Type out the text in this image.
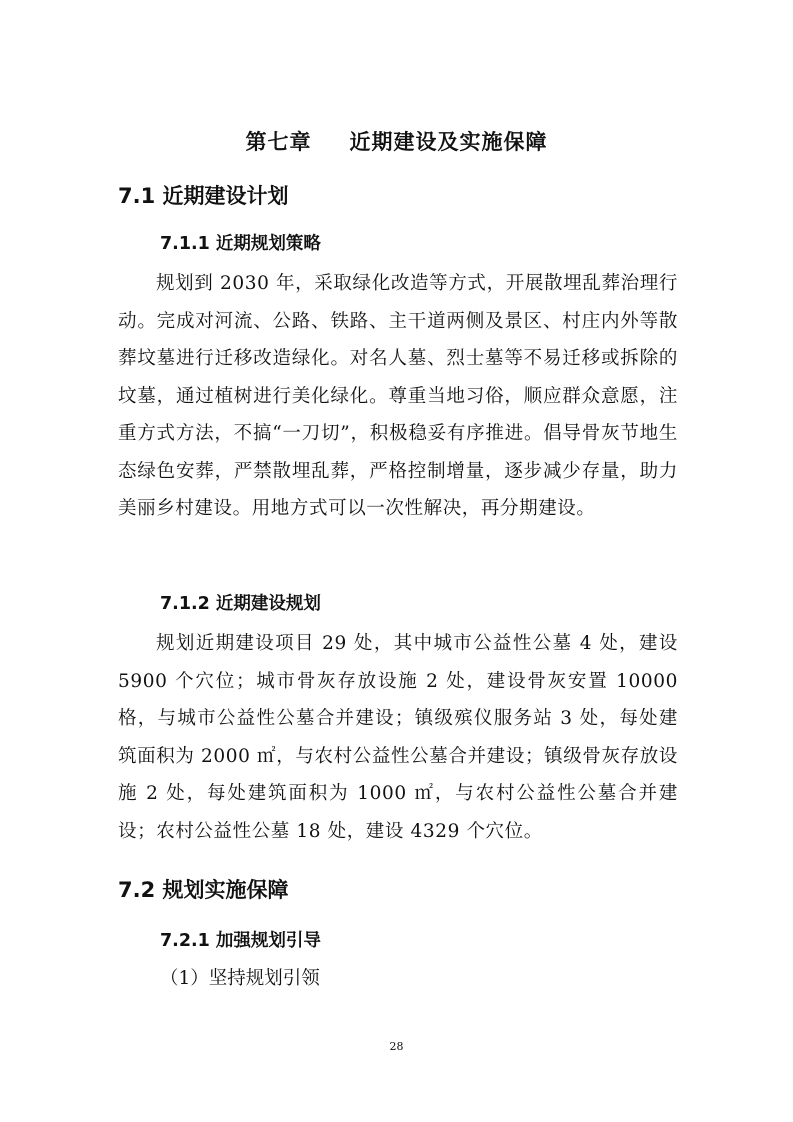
第七章 近期建设及实施保障
7.1 近期建设计划
7.1.1 近期规划策略
规划到 2030 年，采取绿化改造等方式，开展散埋乱葬治理行动。完成对河流、公路、铁路、主干道两侧及景区、村庄内外等散葬坟墓进行迁移改造绿化。对名人墓、烈士墓等不易迁移或拆除的坟墓，通过植树进行美化绿化。尊重当地习俗，顺应群众意愿，注重方式方法，不搞“一刀切”，积极稳妥有序推进。倡导骨灰节地生态绿色安葬，严禁散埋乱葬，严格控制增量，逐步减少存量，助力美丽乡村建设。用地方式可以一次性解决，再分期建设。
7.1.2 近期建设规划
规划近期建设项目 29 处，其中城市公益性公墓 4 处，建设 5900 个穴位；城市骨灰存放设施 2 处，建设骨灰安置 10000 格，与城市公益性公墓合并建设；镇级殡仪服务站 3 处，每处建筑面积为 2000 ㎡，与农村公益性公墓合并建设；镇级骨灰存放设施 2 处，每处建筑面积为 1000 ㎡，与农村公益性公墓合并建设；农村公益性公墓 18 处，建设 4329 个穴位。
7.2 规划实施保障
7.2.1 加强规划引导
（1）坚持规划引领
28
